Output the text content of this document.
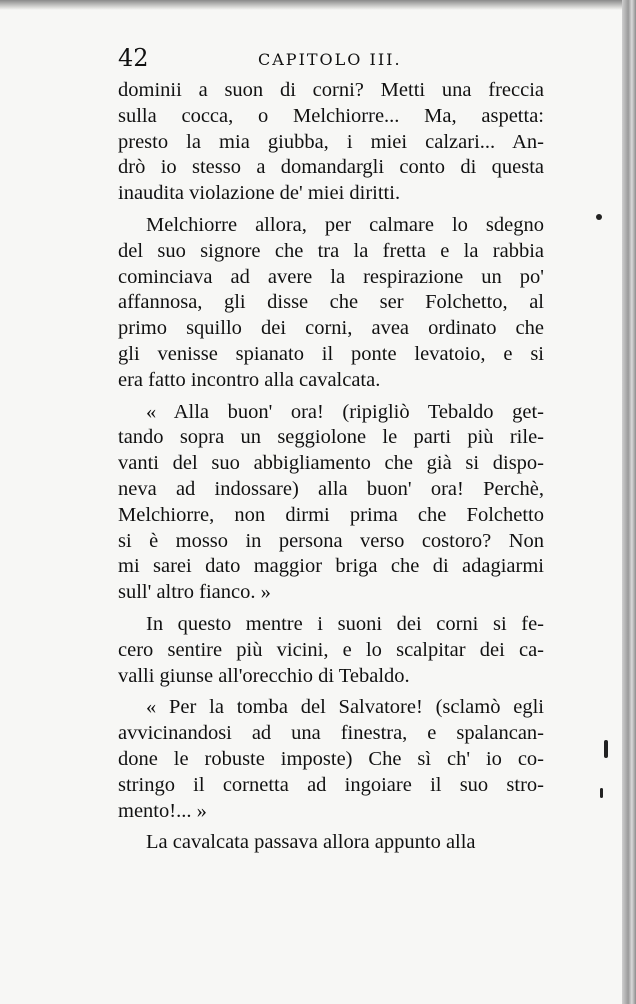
42	CAPITOLO III.
dominii a suon di corni? Metti una freccia
sulla cocca, o Melchiorre... Ma, aspetta:
presto la mia giubba, i miei calzari... An-
drò io stesso a domandargli conto di questa
inaudita violazione de' miei diritti.
Melchiorre allora, per calmare lo sdegno
del suo signore che tra la fretta e la rabbia
cominciava ad avere la respirazione un po'
affannosa, gli disse che ser Folchetto, al
primo squillo dei corni, avea ordinato che
gli venisse spianato il ponte levatoio, e si
era fatto incontro alla cavalcata.
« Alla buon' ora! (ripigliò Tebaldo get-
tando sopra un seggiolone le parti più rile-
vanti del suo abbigliamento che già si dispo-
neva ad indossare) alla buon' ora! Perchè,
Melchiorre, non dirmi prima che Folchetto
si è mosso in persona verso costoro? Non
mi sarei dato maggior briga che di adagiarmi
sull' altro fianco. »
In questo mentre i suoni dei corni si fe-
cero sentire più vicini, e lo scalpitar dei ca-
valli giunse all'orecchio di Tebaldo.
« Per la tomba del Salvatore! (sclamò egli
avvicinandosi ad una finestra, e spalancan-
done le robuste imposte) Che sì ch' io co-
stringo il cornetta ad ingoiare il suo stro-
mento!... »
La cavalcata passava allora appunto alla
